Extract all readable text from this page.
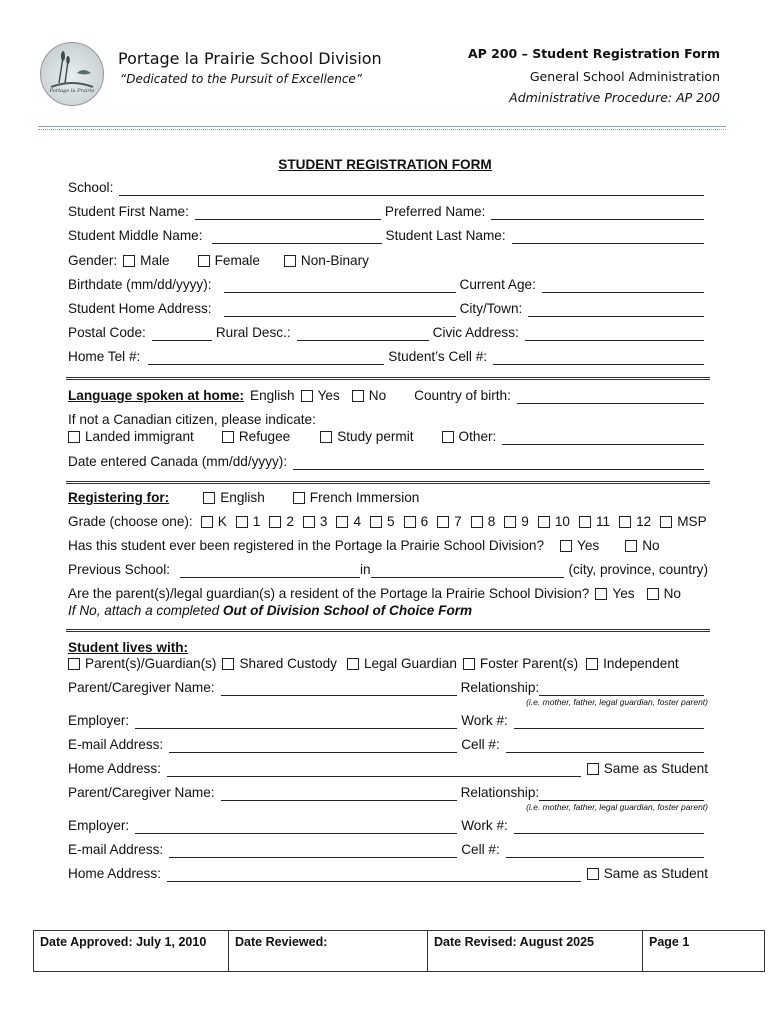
Portage la Prairie
Portage la Prairie School Division
“Dedicated to the Pursuit of Excellence”
AP 200 – Student Registration Form
General School Administration
Administrative Procedure: AP 200
STUDENT REGISTRATION FORM
School:
Student First Name:	Preferred Name:
Student Middle Name:	Student Last Name:
Gender: Male	Female	Non-Binary
Birthdate (mm/dd/yyyy):	Current Age:
Student Home Address:	City/Town:
Postal Code:	Rural Desc.:	Civic Address:
Home Tel #:	Student’s Cell #:
Language spoken at home: English Yes No Country of birth:
If not a Canadian citizen, please indicate:
Landed immigrant	Refugee	Study permit	Other:
Date entered Canada (mm/dd/yyyy):
Registering for:	English	French Immersion
Grade (choose one): K 1 2 3 4 5 6 7 8 9 10 11 12 MSP
Has this student ever been registered in the Portage la Prairie School Division? Yes	No
Previous School:	in	(city, province, country)
Are the parent(s)/legal guardian(s) a resident of the Portage la Prairie School Division? Yes No
If No, attach a completed Out of Division School of Choice Form
Student lives with:
Parent(s)/Guardian(s) Shared Custody Legal Guardian Foster Parent(s) Independent
Parent/Caregiver Name:	Relationship:
(i.e. mother, father, legal guardian, foster parent)
Employer:	Work #:
E-mail Address:	Cell #:
Home Address:	Same as Student
Parent/Caregiver Name:	Relationship:
(i.e. mother, father, legal guardian, foster parent)
Employer:	Work #:
E-mail Address:	Cell #:
Home Address:	Same as Student
Date Approved: July 1, 2010	Date Reviewed:	Date Revised: August 2025	Page 1
